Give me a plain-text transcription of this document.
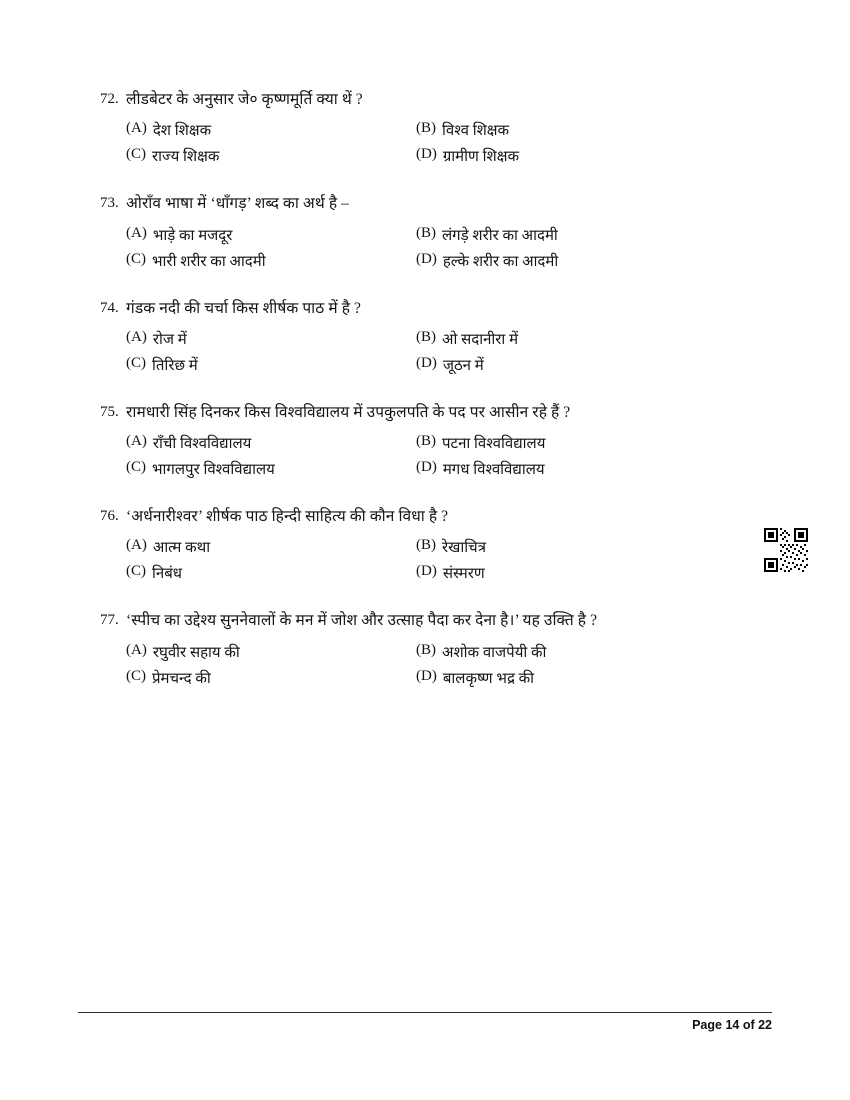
72. लीडबेटर के अनुसार जे० कृष्णमूर्ति क्या थें ?
(A) देश शिक्षक	(B) विश्व शिक्षक
(C) राज्य शिक्षक	(D) ग्रामीण शिक्षक
73. ओराँव भाषा में ‘धाँगड़’ शब्द का अर्थ है –
(A) भाड़े का मजदूर	(B) लंगड़े शरीर का आदमी
(C) भारी शरीर का आदमी	(D) हल्के शरीर का आदमी
74. गंडक नदी की चर्चा किस शीर्षक पाठ में है ?
(A) रोज में	(B) ओ सदानीरा में
(C) तिरिछ में	(D) जूठन में
75. रामधारी सिंह दिनकर किस विश्वविद्यालय में उपकुलपति के पद पर आसीन रहे हैं ?
(A) राँची विश्वविद्यालय	(B) पटना विश्वविद्यालय
(C) भागलपुर विश्वविद्यालय	(D) मगध विश्वविद्यालय
76. ‘अर्धनारीश्वर’ शीर्षक पाठ हिन्दी साहित्य की कौन विधा है ?
(A) आत्म कथा	(B) रेखाचित्र
(C) निबंध	(D) संस्मरण
77. ‘स्पीच का उद्देश्य सुननेवालों के मन में जोश और उत्साह पैदा कर देना है।’ यह उक्ति है ?
(A) रघुवीर सहाय की	(B) अशोक वाजपेयी की
(C) प्रेमचन्द की	(D) बालकृष्ण भद्र की
Page 14 of 22
